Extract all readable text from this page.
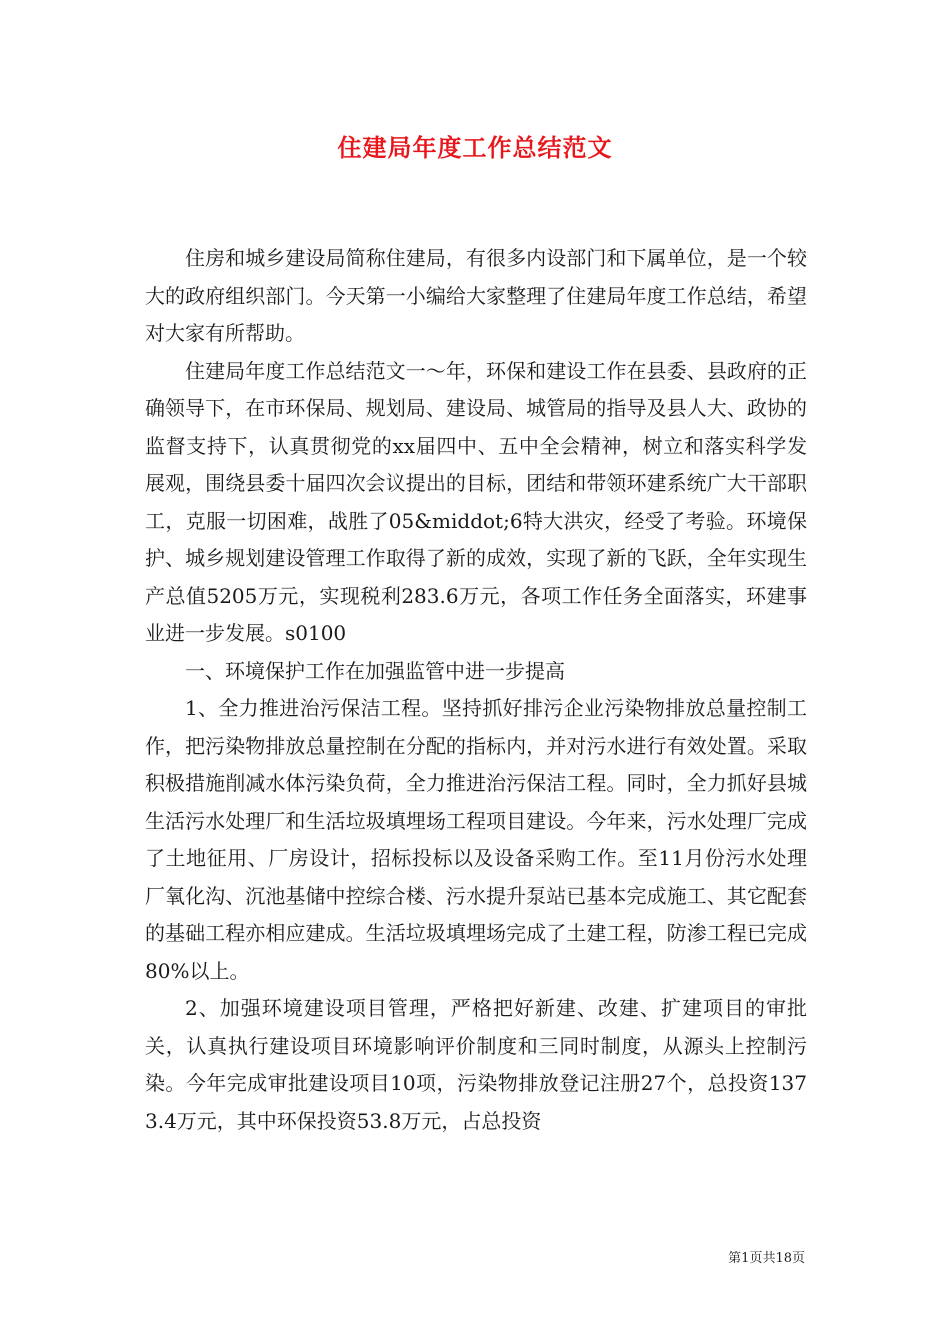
住建局年度工作总结范文

住房和城乡建设局简称住建局，有很多内设部门和下属单位，是一个较大的政府组织部门。今天第一小编给大家整理了住建局年度工作总结，希望对大家有所帮助。

住建局年度工作总结范文一～年，环保和建设工作在县委、县政府的正确领导下，在市环保局、规划局、建设局、城管局的指导及县人大、政协的监督支持下，认真贯彻党的xx届四中、五中全会精神，树立和落实科学发展观，围绕县委十届四次会议提出的目标，团结和带领环建系统广大干部职工，克服一切困难，战胜了05&middot;6特大洪灾，经受了考验。环境保护、城乡规划建设管理工作取得了新的成效，实现了新的飞跃，全年实现生产总值5205万元，实现税利283.6万元，各项工作任务全面落实，环建事业进一步发展。s0100

一、环境保护工作在加强监管中进一步提高

1、全力推进治污保洁工程。坚持抓好排污企业污染物排放总量控制工作，把污染物排放总量控制在分配的指标内，并对污水进行有效处置。采取积极措施削减水体污染负荷，全力推进治污保洁工程。同时，全力抓好县城生活污水处理厂和生活垃圾填埋场工程项目建设。今年来，污水处理厂完成了土地征用、厂房设计，招标投标以及设备采购工作。至11月份污水处理厂氧化沟、沉池基储中控综合楼、污水提升泵站已基本完成施工、其它配套的基础工程亦相应建成。生活垃圾填埋场完成了土建工程，防渗工程已完成80%以上。

2、加强环境建设项目管理，严格把好新建、改建、扩建项目的审批关，认真执行建设项目环境影响评价制度和三同时制度，从源头上控制污染。今年完成审批建设项目10项，污染物排放登记注册27个，总投资1373.4万元，其中环保投资53.8万元，占总投资

第1页共18页
